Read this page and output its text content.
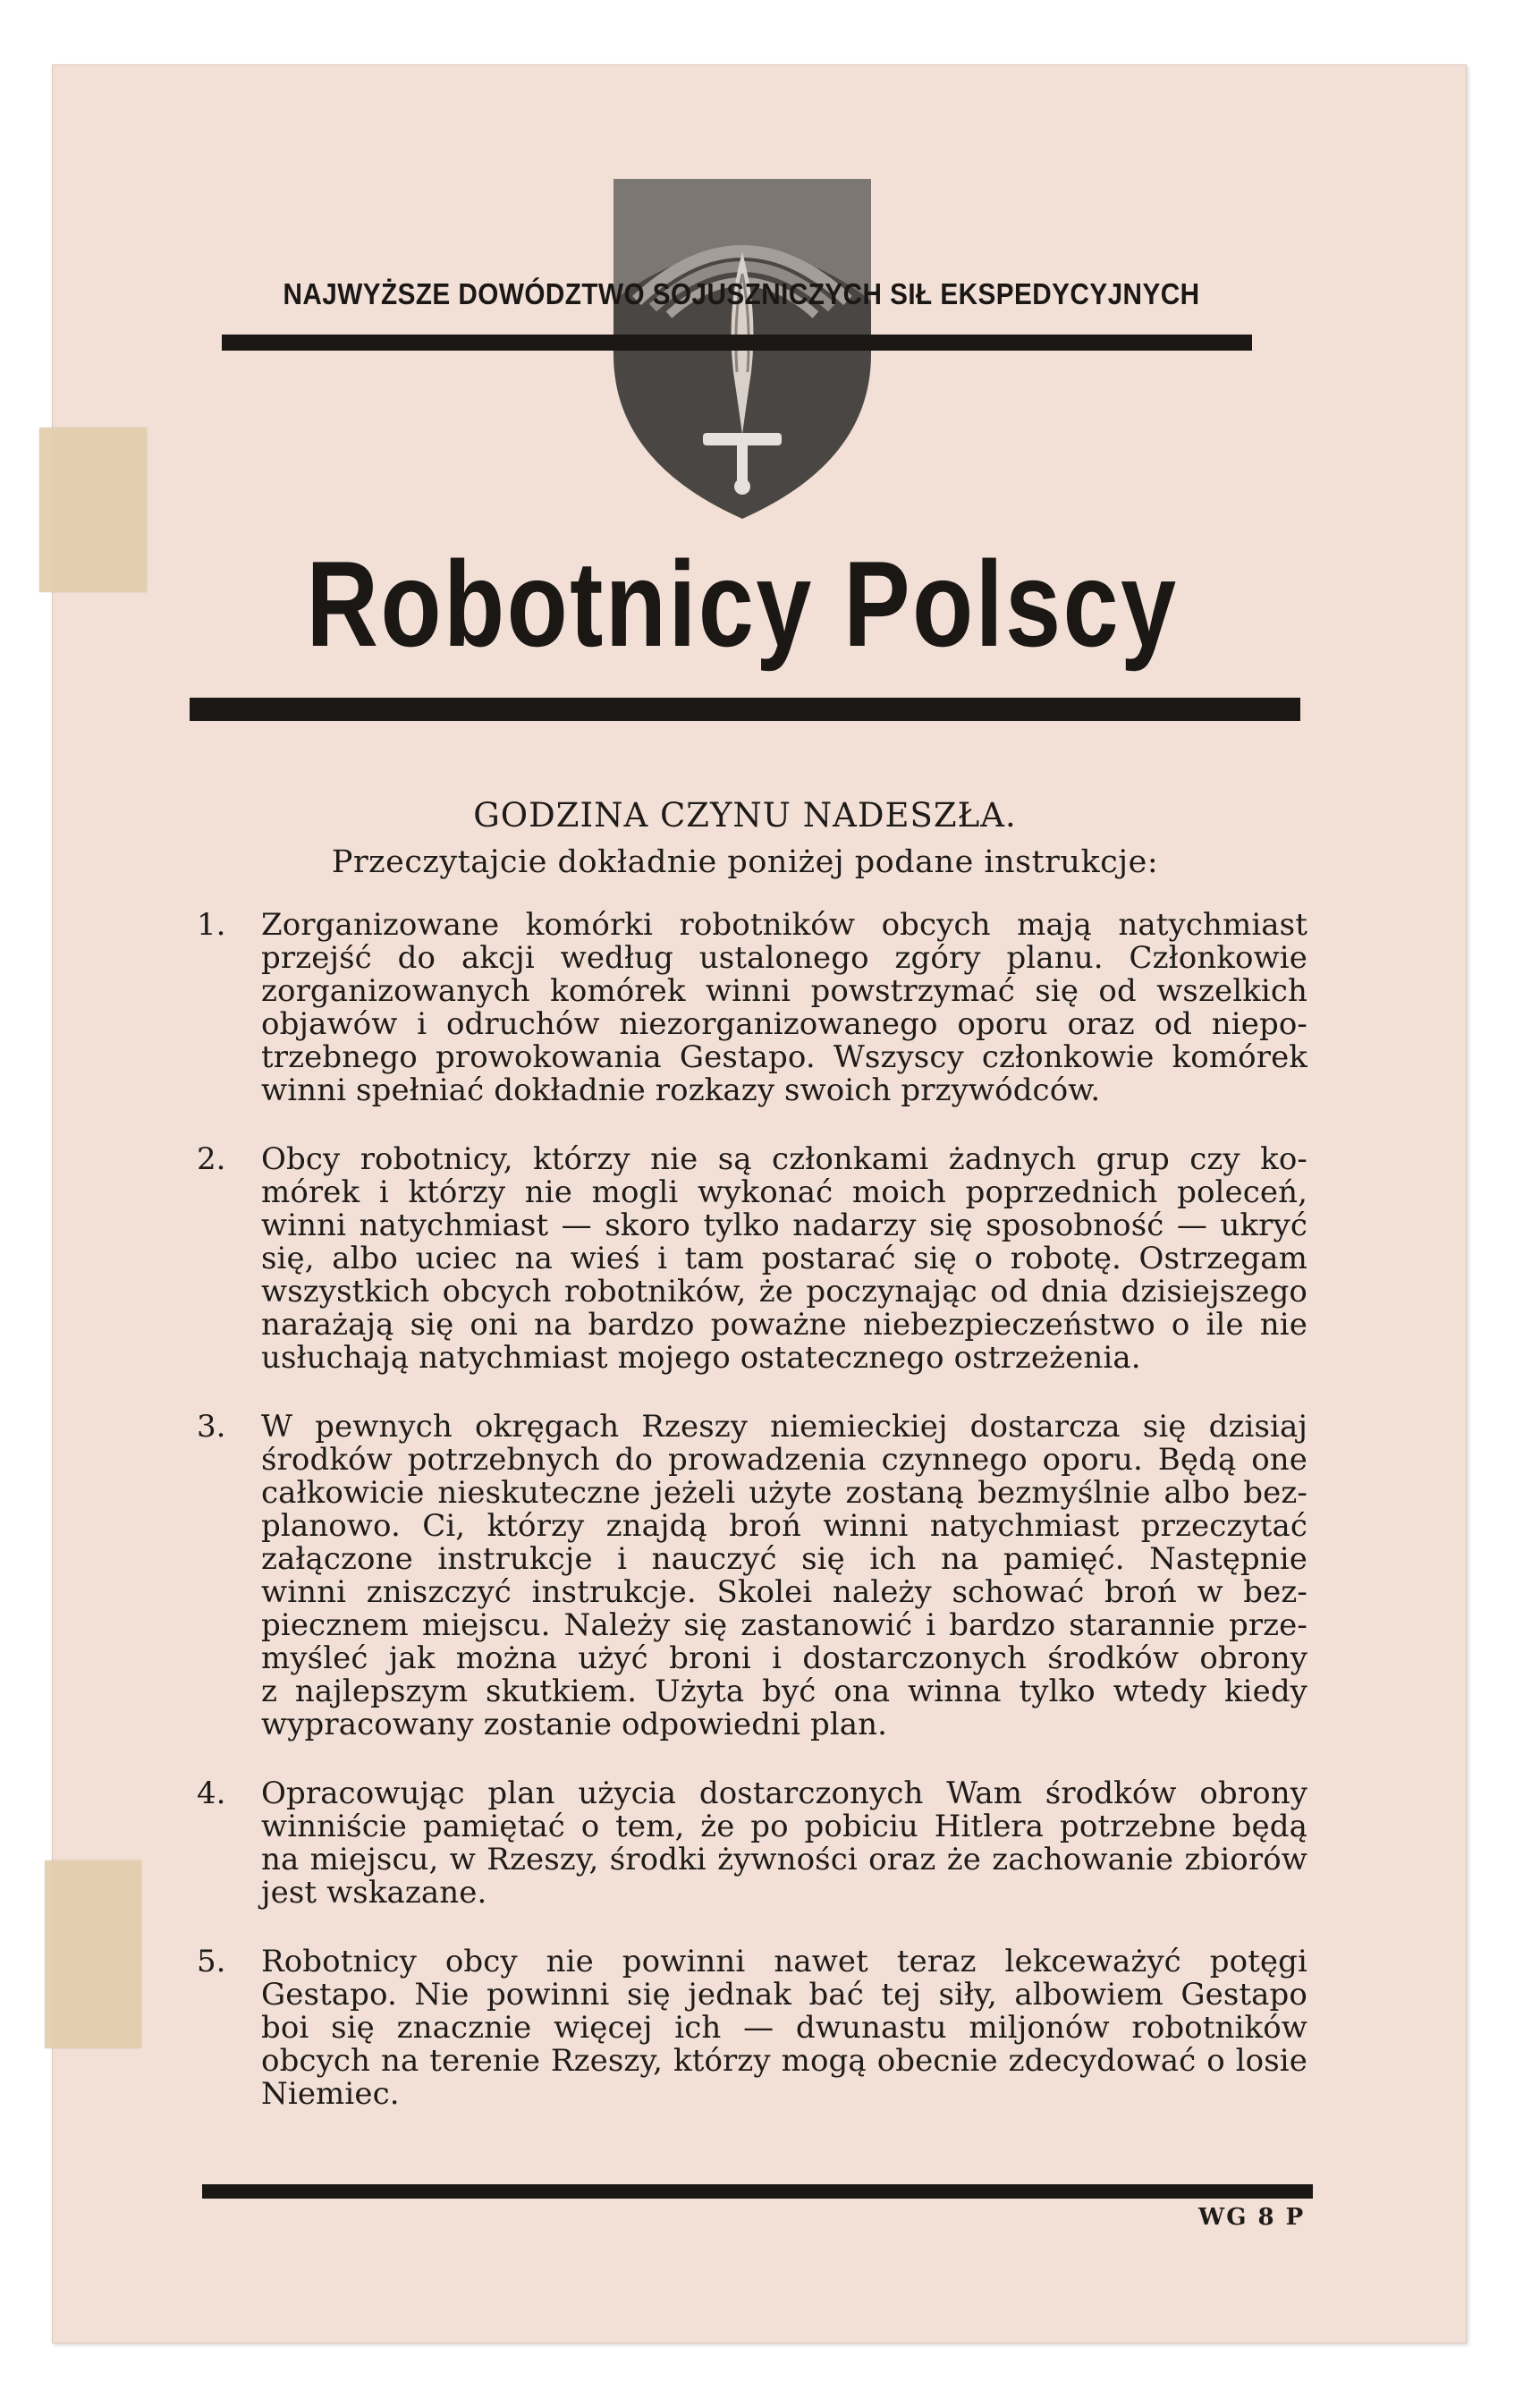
NAJWYŻSZE DOWÓDZTWO SOJUSZNICZYCH SIŁ EKSPEDYCYJNYCH
Robotnicy Polscy
GODZINA CZYNU NADESZŁA.
Przeczytajcie dokładnie poniżej podane instrukcje:
1. Zorganizowane komórki robotników obcych mają natychmiast
przejść do akcji według ustalonego zgóry planu. Członkowie
zorganizowanych komórek winni powstrzymać się od wszelkich
objawów i odruchów niezorganizowanego oporu oraz od niepo-
trzebnego prowokowania Gestapo. Wszyscy członkowie komórek
winni spełniać dokładnie rozkazy swoich przywódców.
2. Obcy robotnicy, którzy nie są członkami żadnych grup czy ko-
mórek i którzy nie mogli wykonać moich poprzednich poleceń,
winni natychmiast — skoro tylko nadarzy się sposobność — ukryć
się, albo uciec na wieś i tam postarać się o robotę. Ostrzegam
wszystkich obcych robotników, że poczynając od dnia dzisiejszego
narażają się oni na bardzo poważne niebezpieczeństwo o ile nie
usłuchają natychmiast mojego ostatecznego ostrzeżenia.
3. W pewnych okręgach Rzeszy niemieckiej dostarcza się dzisiaj
środków potrzebnych do prowadzenia czynnego oporu. Będą one
całkowicie nieskuteczne jeżeli użyte zostaną bezmyślnie albo bez-
planowo. Ci, którzy znajdą broń winni natychmiast przeczytać
załączone instrukcje i nauczyć się ich na pamięć. Następnie
winni zniszczyć instrukcje. Skolei należy schować broń w bez-
piecznem miejscu. Należy się zastanowić i bardzo starannie prze-
myśleć jak można użyć broni i dostarczonych środków obrony
z najlepszym skutkiem. Użyta być ona winna tylko wtedy kiedy
wypracowany zostanie odpowiedni plan.
4. Opracowując plan użycia dostarczonych Wam środków obrony
winniście pamiętać o tem, że po pobiciu Hitlera potrzebne będą
na miejscu, w Rzeszy, środki żywności oraz że zachowanie zbiorów
jest wskazane.
5. Robotnicy obcy nie powinni nawet teraz lekceważyć potęgi
Gestapo. Nie powinni się jednak bać tej siły, albowiem Gestapo
boi się znacznie więcej ich — dwunastu miljonów robotników
obcych na terenie Rzeszy, którzy mogą obecnie zdecydować o losie
Niemiec.
WG 8 P
